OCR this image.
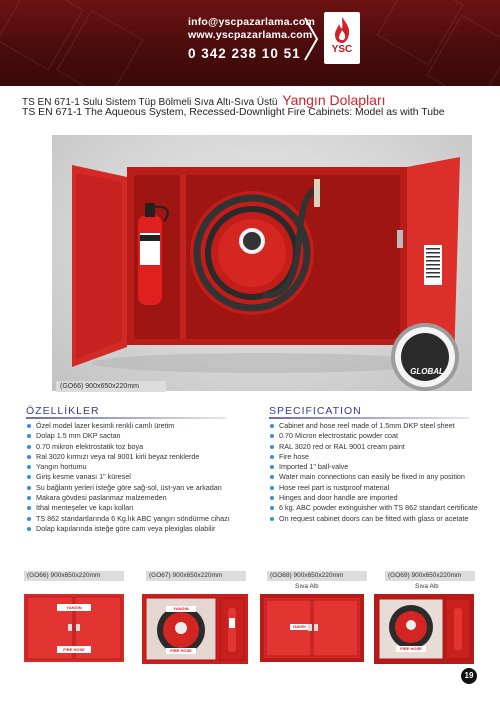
info@yscpazarlama.com
www.yscpazarlama.com
0 342 238 10 51	YSC
TS EN 671-1 Sulu Sistem Tüp Bölmeli Sıva Altı-Sıva Üstü Yangın Dolapları
TS EN 671-1 The Aqueous System, Recessed-Downlight Fire Cabinets: Model as with Tube
GLOBAL
(GO66) 900x650x220mm
ÖZELLİKLER
Özel model lazer kesimli renkli camlı üretim
Dolap 1.5 mm DKP sactan
0.70 mikron elektrostatik toz boya
Ral 3020 kırmızı veya ral 9001 kirli beyaz renklerde
Yangın hortumu
Giriş kesme vanası 1" küresel
Su bağlantı yerleri isteğe göre sağ-sol, üst-yan ve arkadan
Makara gövdesi paslanmaz malzemeden
İthal menteşeler ve kapı kolları
TS 862 standartlarında 6 Kg.lık ABC yangın söndürme cihazı
Dolap kapılarında isteğe göre cam veya plexiglas olabilir
SPECIFICATION
Cabinet and hose reel made of 1.5mm DKP steel sheet
0.70 Micron electrostatic powder coat
RAL 3020 red or RAL 9001 cream paint
Fire hose
Imported 1" ball-valve
Water main connections can easily be fixed in any position
Hose reel part is rustproof material
Hinges and door handle are imported
6 kg. ABC powder extinguisher with TS 862 standart certificate
On request cabinet doors can be fitted with glass or acetate
(GO66) 900x650x220mm	(GO67) 900x650x220mm	(GO68) 900x650x220mm	(GO69) 900x650x220mm
Sıva Altı	Sıva Altı
YANGIN
FIRE HOSE
YANGIN
FIRE HOSE
YANGIN
FIRE HOSE
19
